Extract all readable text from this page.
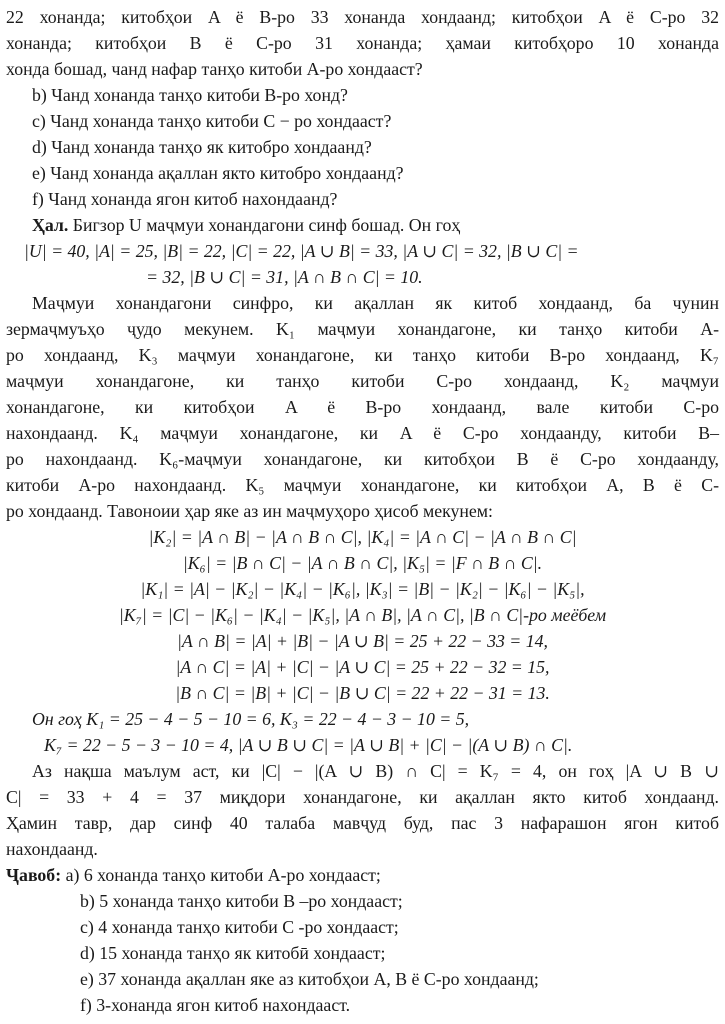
22 хонанда; китобҳои A ё B-ро 33 хонанда хондаанд; китобҳои A ё C-ро 32
хонанда; китобҳои B ё C-ро 31 хонанда; ҳамаи китобҳоро 10 хонанда
хонда бошад, чанд нафар танҳо китоби A-ро хондааст?
b) Чанд хонанда танҳо китоби B-ро хонд?
c) Чанд хонанда танҳо китоби C − ро хондааст?
d) Чанд хонанда танҳо як китобро хондаанд?
e) Чанд хонанда ақаллан якто китобро хондаанд?
f) Чанд хонанда ягон китоб нахондаанд?
Ҳал. Бигзор U маҷмуи хонандагони синф бошад. Он гоҳ
|U| = 40, |A| = 25, |B| = 22, |C| = 22, |A ∪ B| = 33, |A ∪ C| = 32, |B ∪ C| =
= 32, |B ∪ C| = 31, |A ∩ B ∩ C| = 10.
Маҷмуи хонандагони синфро, ки ақаллан як китоб хондаанд, ба чунин
зермаҷмуъҳо ҷудо мекунем. K₁ маҷмуи хонандагоне, ки танҳо китоби A-
ро хондаанд, K₃ маҷмуи хонандагоне, ки танҳо китоби B-ро хондаанд, K₇
маҷмуи хонандагоне, ки танҳо китоби C-ро хондаанд, K₂ маҷмуи
хонандагоне, ки китобҳои A ё B-ро хондаанд, вале китоби C-ро
нахондаанд. K₄ маҷмуи хонандагоне, ки A ё C-ро хондаанду, китоби B–
ро нахондаанд. K₆-маҷмуи хонандагоне, ки китобҳои B ё C-ро хондаанду,
китоби A-ро нахондаанд. K₅ маҷмуи хонандагоне, ки китобҳои A, B ё C-
ро хондаанд. Тавоноии ҳар яке аз ин маҷмуҳоро ҳисоб мекунем:
|K₂| = |A ∩ B| − |A ∩ B ∩ C|, |K₄| = |A ∩ C| − |A ∩ B ∩ C|
|K₆| = |B ∩ C| − |A ∩ B ∩ C|, |K₅| = |F ∩ B ∩ C|.
|K₁| = |A| − |K₂| − |K₄| − |K₆|, |K₃| = |B| − |K₂| − |K₆| − |K₅|,
|K₇| = |C| − |K₆| − |K₄| − |K₅|, |A ∩ B|, |A ∩ C|, |B ∩ C|-ро меёбем
|A ∩ B| = |A| + |B| − |A ∪ B| = 25 + 22 − 33 = 14,
|A ∩ C| = |A| + |C| − |A ∪ C| = 25 + 22 − 32 = 15,
|B ∩ C| = |B| + |C| − |B ∪ C| = 22 + 22 − 31 = 13.
Он гоҳ K₁ = 25 − 4 − 5 − 10 = 6, K₃ = 22 − 4 − 3 − 10 = 5,
K₇ = 22 − 5 − 3 − 10 = 4, |A ∪ B ∪ C| = |A ∪ B| + |C| − |(A ∪ B) ∩ C|.
Аз нақша маълум аст, ки |C| − |(A ∪ B) ∩ C| = K₇ = 4, он гоҳ |A ∪ B ∪
C| = 33 + 4 = 37 миқдори хонандагоне, ки ақаллан якто китоб хондаанд.
Ҳамин тавр, дар синф 40 талаба мавҷуд буд, пас 3 нафарашон ягон китоб
нахондаанд.
Ҷавоб: a) 6 хонанда танҳо китоби A-ро хондааст;
b) 5 хонанда танҳо китоби B –ро хондааст;
c) 4 хонанда танҳо китоби C -ро хондааст;
d) 15 хонанда танҳо як китобӣ хондааст;
e) 37 хонанда ақаллан яке аз китобҳои A, B ё C-ро хондаанд;
f) 3-хонанда ягон китоб нахондааст.
